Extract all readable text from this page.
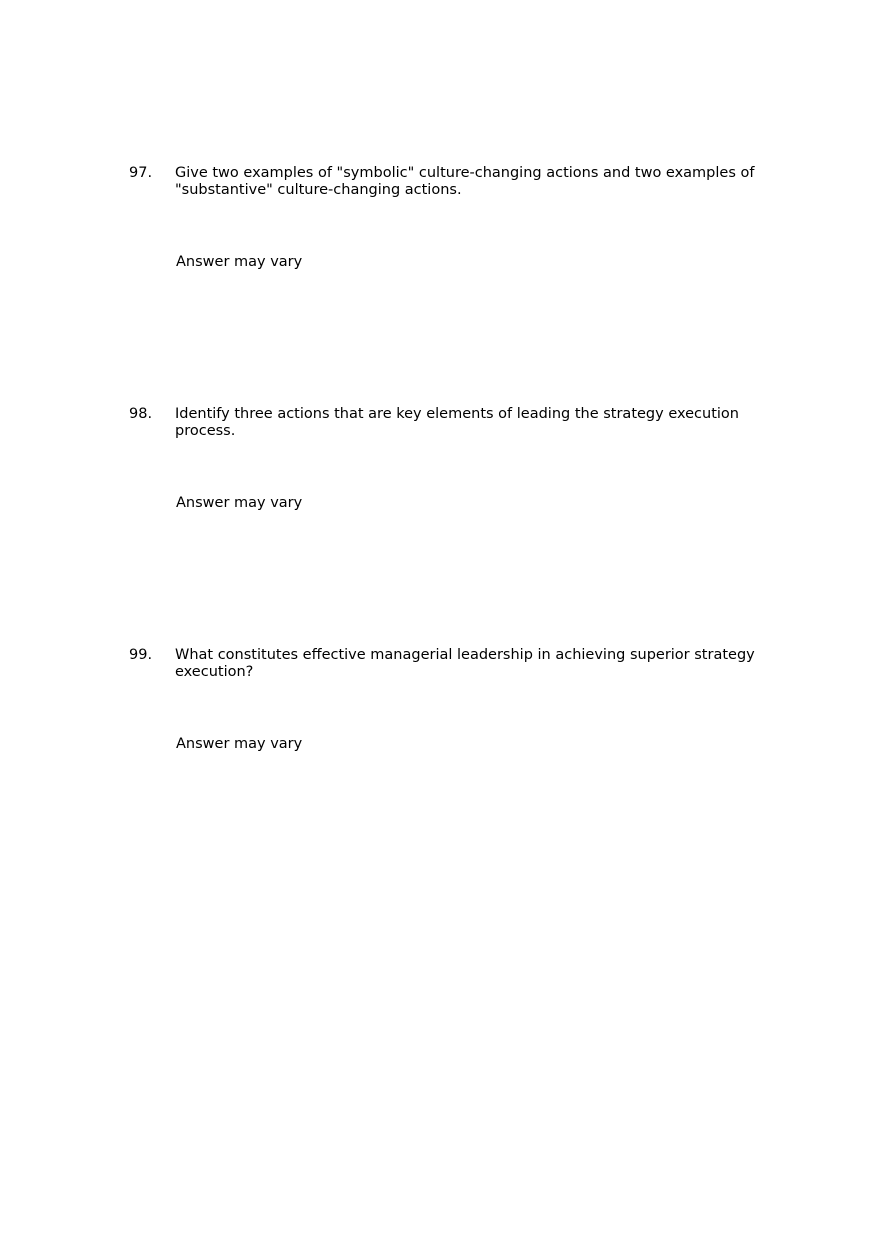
97. Give two examples of "symbolic" culture-changing actions and two examples of "substantive" culture-changing actions.
Answer may vary
98. Identify three actions that are key elements of leading the strategy execution process.
Answer may vary
99. What constitutes effective managerial leadership in achieving superior strategy execution?
Answer may vary
